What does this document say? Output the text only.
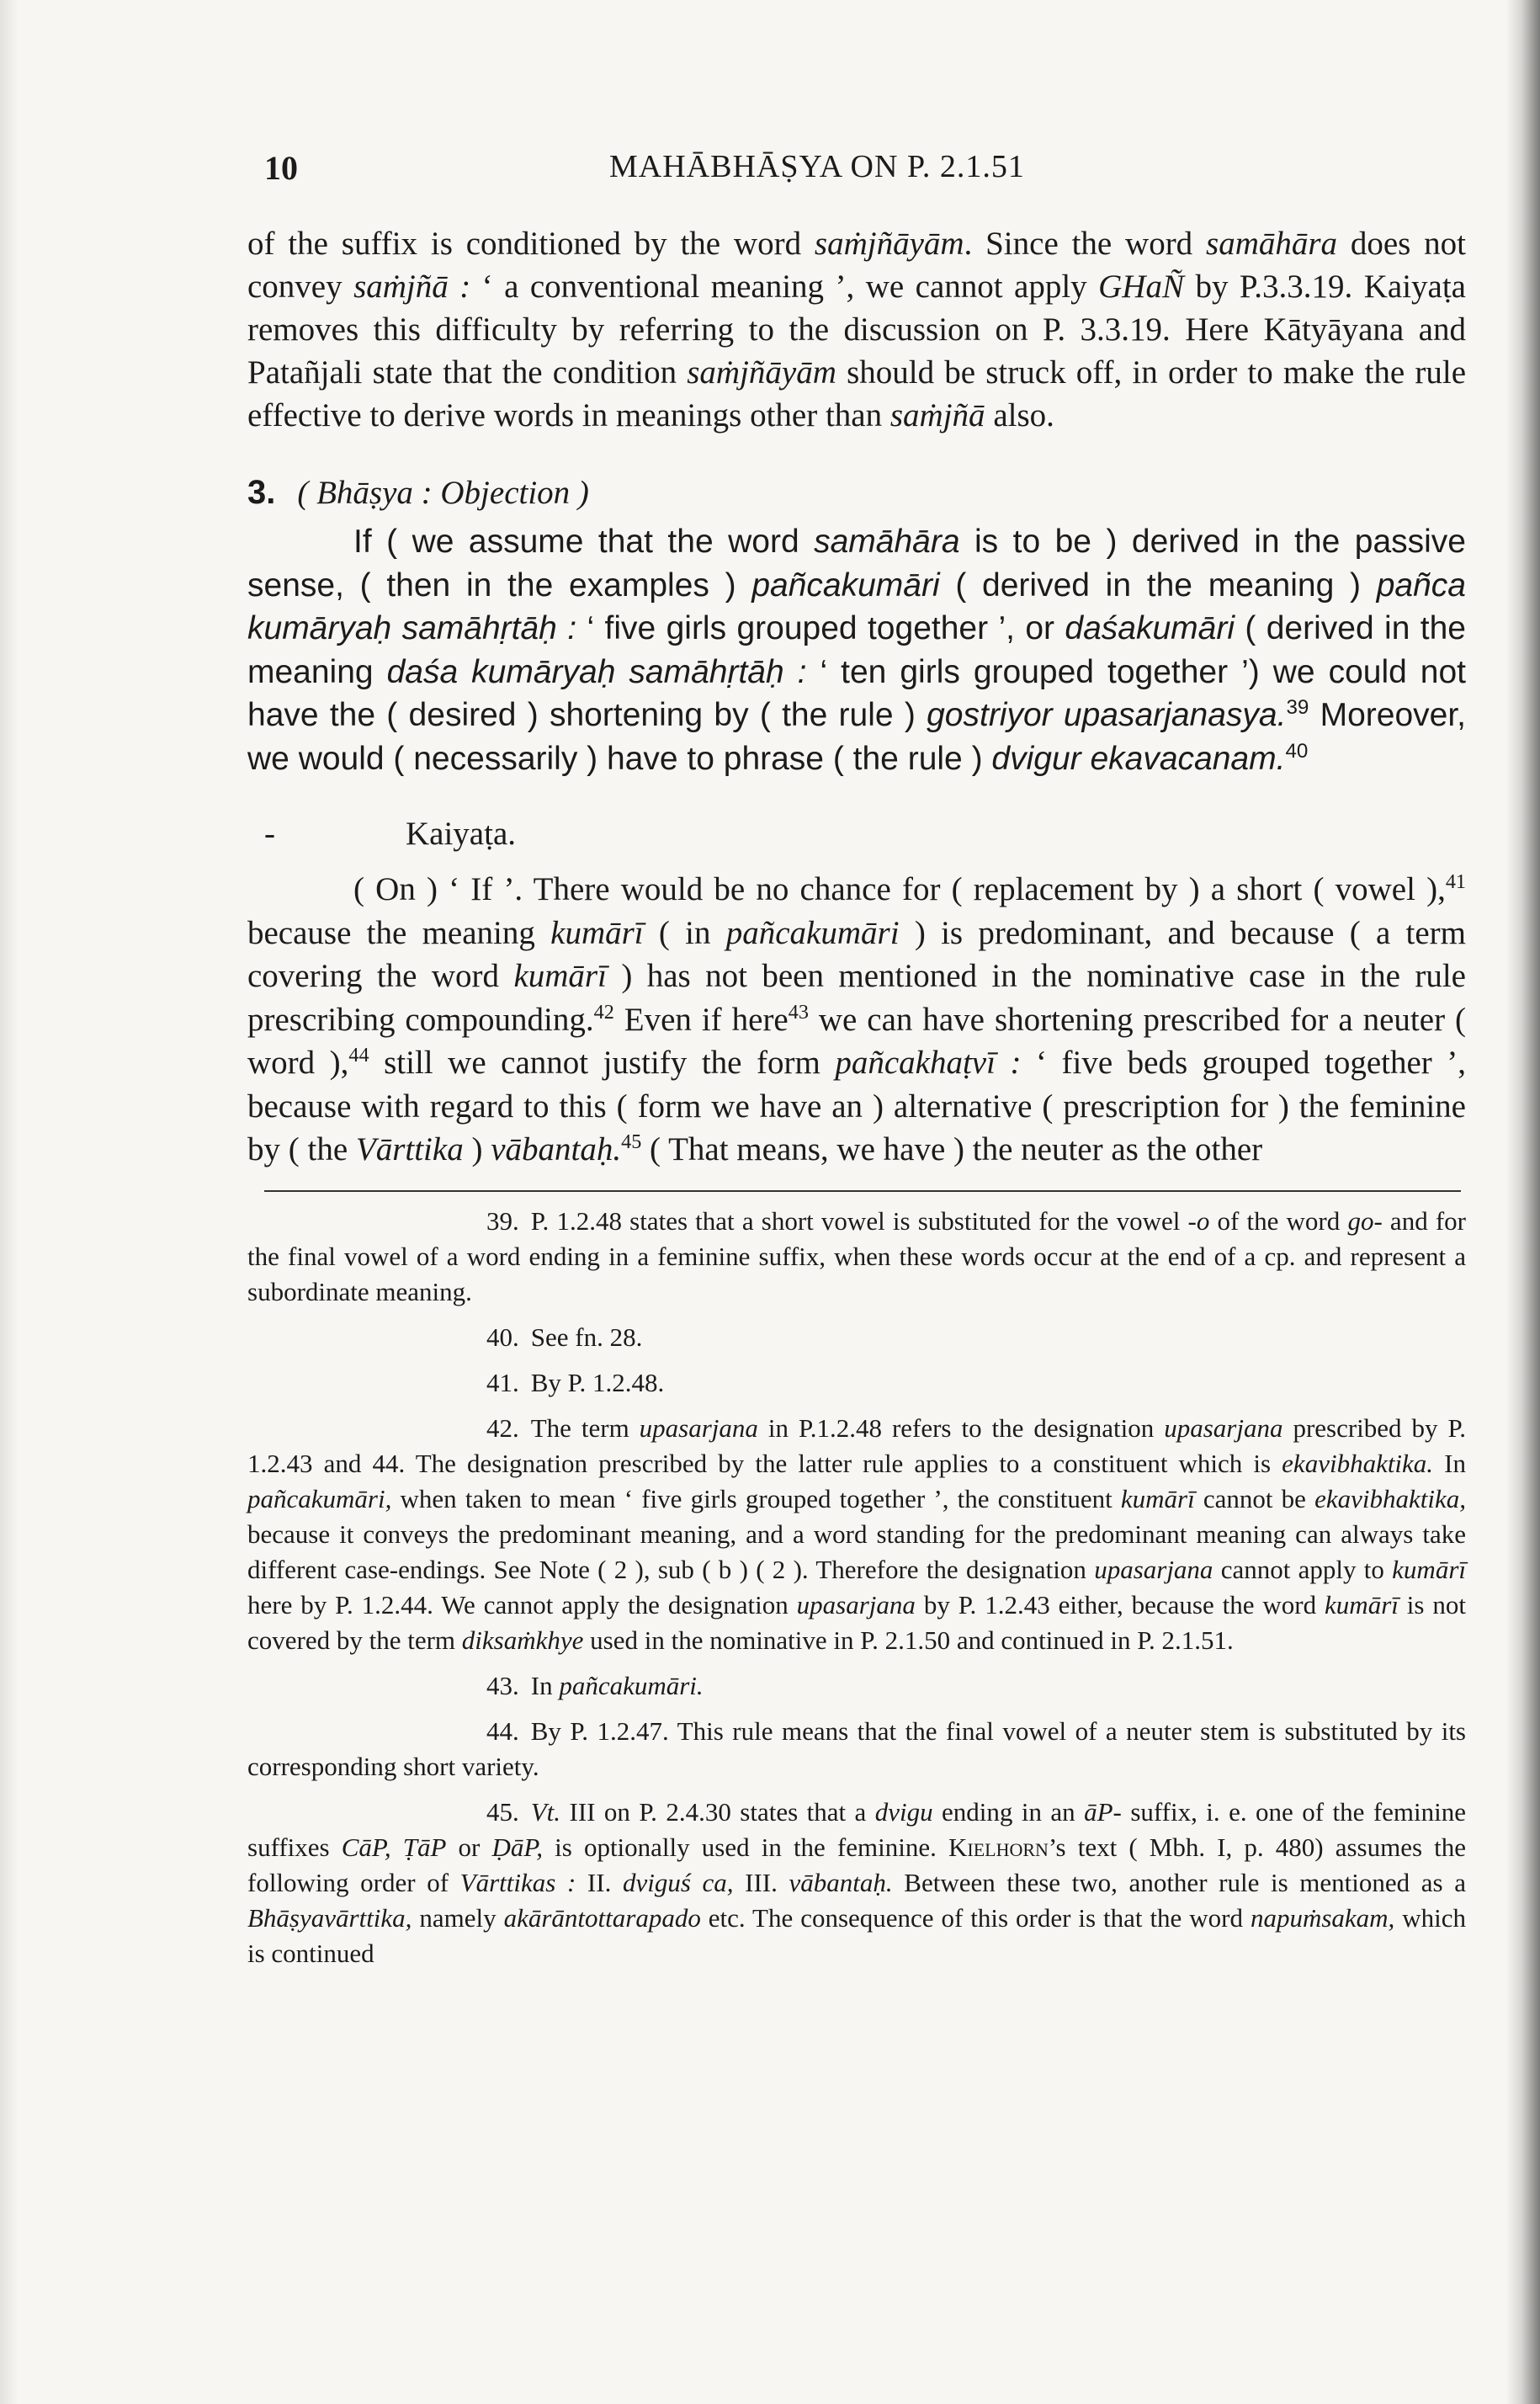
10	MAHĀBHĀṢYA ON P. 2.1.51

of the suffix is conditioned by the word saṁjñāyām. Since the word samāhāra does not convey saṁjñā : ‘ a conventional meaning ’, we cannot apply GHaÑ by P.3.3.19. Kaiyaṭa removes this difficulty by referring to the discussion on P. 3.3.19. Here Kātyāyana and Patañjali state that the condition saṁjñāyām should be struck off, in order to make the rule effective to derive words in meanings other than saṁjñā also.

3. ( Bhāṣya : Objection )

If ( we assume that the word samāhāra is to be ) derived in the passive sense, ( then in the examples ) pañcakumāri ( derived in the meaning ) pañca kumāryaḥ samāhṛtāḥ : ‘ five girls grouped together ’, or daśakumāri ( derived in the meaning daśa kumāryaḥ samāhṛtāḥ : ‘ ten girls grouped together ’) we could not have the ( desired ) shortening by ( the rule ) gostriyor upasarjanasya.$^{39}$ Moreover, we would ( necessarily ) have to phrase ( the rule ) dvigur ekavacanam.$^{40}$

-	Kaiyaṭa.

( On ) ‘ If ’. There would be no chance for ( replacement by ) a short ( vowel ),$^{41}$ because the meaning kumārī ( in pañcakumāri ) is predominant, and because ( a term covering the word kumārī ) has not been mentioned in the nominative case in the rule prescribing compounding.$^{42}$ Even if here$^{43}$ we can have shortening prescribed for a neuter ( word ),$^{44}$ still we cannot justify the form pañcakhaṭvī : ‘ five beds grouped together ’, because with regard to this ( form we have an ) alternative ( prescription for ) the feminine by ( the Vārttika ) vābantaḥ.$^{45}$ ( That means, we have ) the neuter as the other

39. P. 1.2.48 states that a short vowel is substituted for the vowel -o of the word go- and for the final vowel of a word ending in a feminine suffix, when these words occur at the end of a cp. and represent a subordinate meaning.

40. See fn. 28.

41. By P. 1.2.48.

42. The term upasarjana in P.1.2.48 refers to the designation upasarjana prescribed by P. 1.2.43 and 44. The designation prescribed by the latter rule applies to a constituent which is ekavibhaktika. In pañcakumāri, when taken to mean ‘ five girls grouped together ’, the constituent kumārī cannot be ekavibhaktika, because it conveys the predominant meaning, and a word standing for the predominant meaning can always take different case-endings. See Note ( 2 ), sub ( b ) ( 2 ). Therefore the designation upasarjana cannot apply to kumārī here by P. 1.2.44. We cannot apply the designation upasarjana by P. 1.2.43 either, because the word kumārī is not covered by the term diksaṁkhye used in the nominative in P. 2.1.50 and continued in P. 2.1.51.

43. In pañcakumāri.

44. By P. 1.2.47. This rule means that the final vowel of a neuter stem is substituted by its corresponding short variety.

45. Vt. III on P. 2.4.30 states that a dvigu ending in an āP- suffix, i. e. one of the feminine suffixes CāP, ṬāP or ḌāP, is optionally used in the feminine. Kielhorn’s text ( Mbh. I, p. 480) assumes the following order of Vārttikas : II. dviguś ca, III. vābantaḥ. Between these two, another rule is mentioned as a Bhāṣyavārttika, namely akārāntottarapado etc. The consequence of this order is that the word napuṁsakam, which is continued
